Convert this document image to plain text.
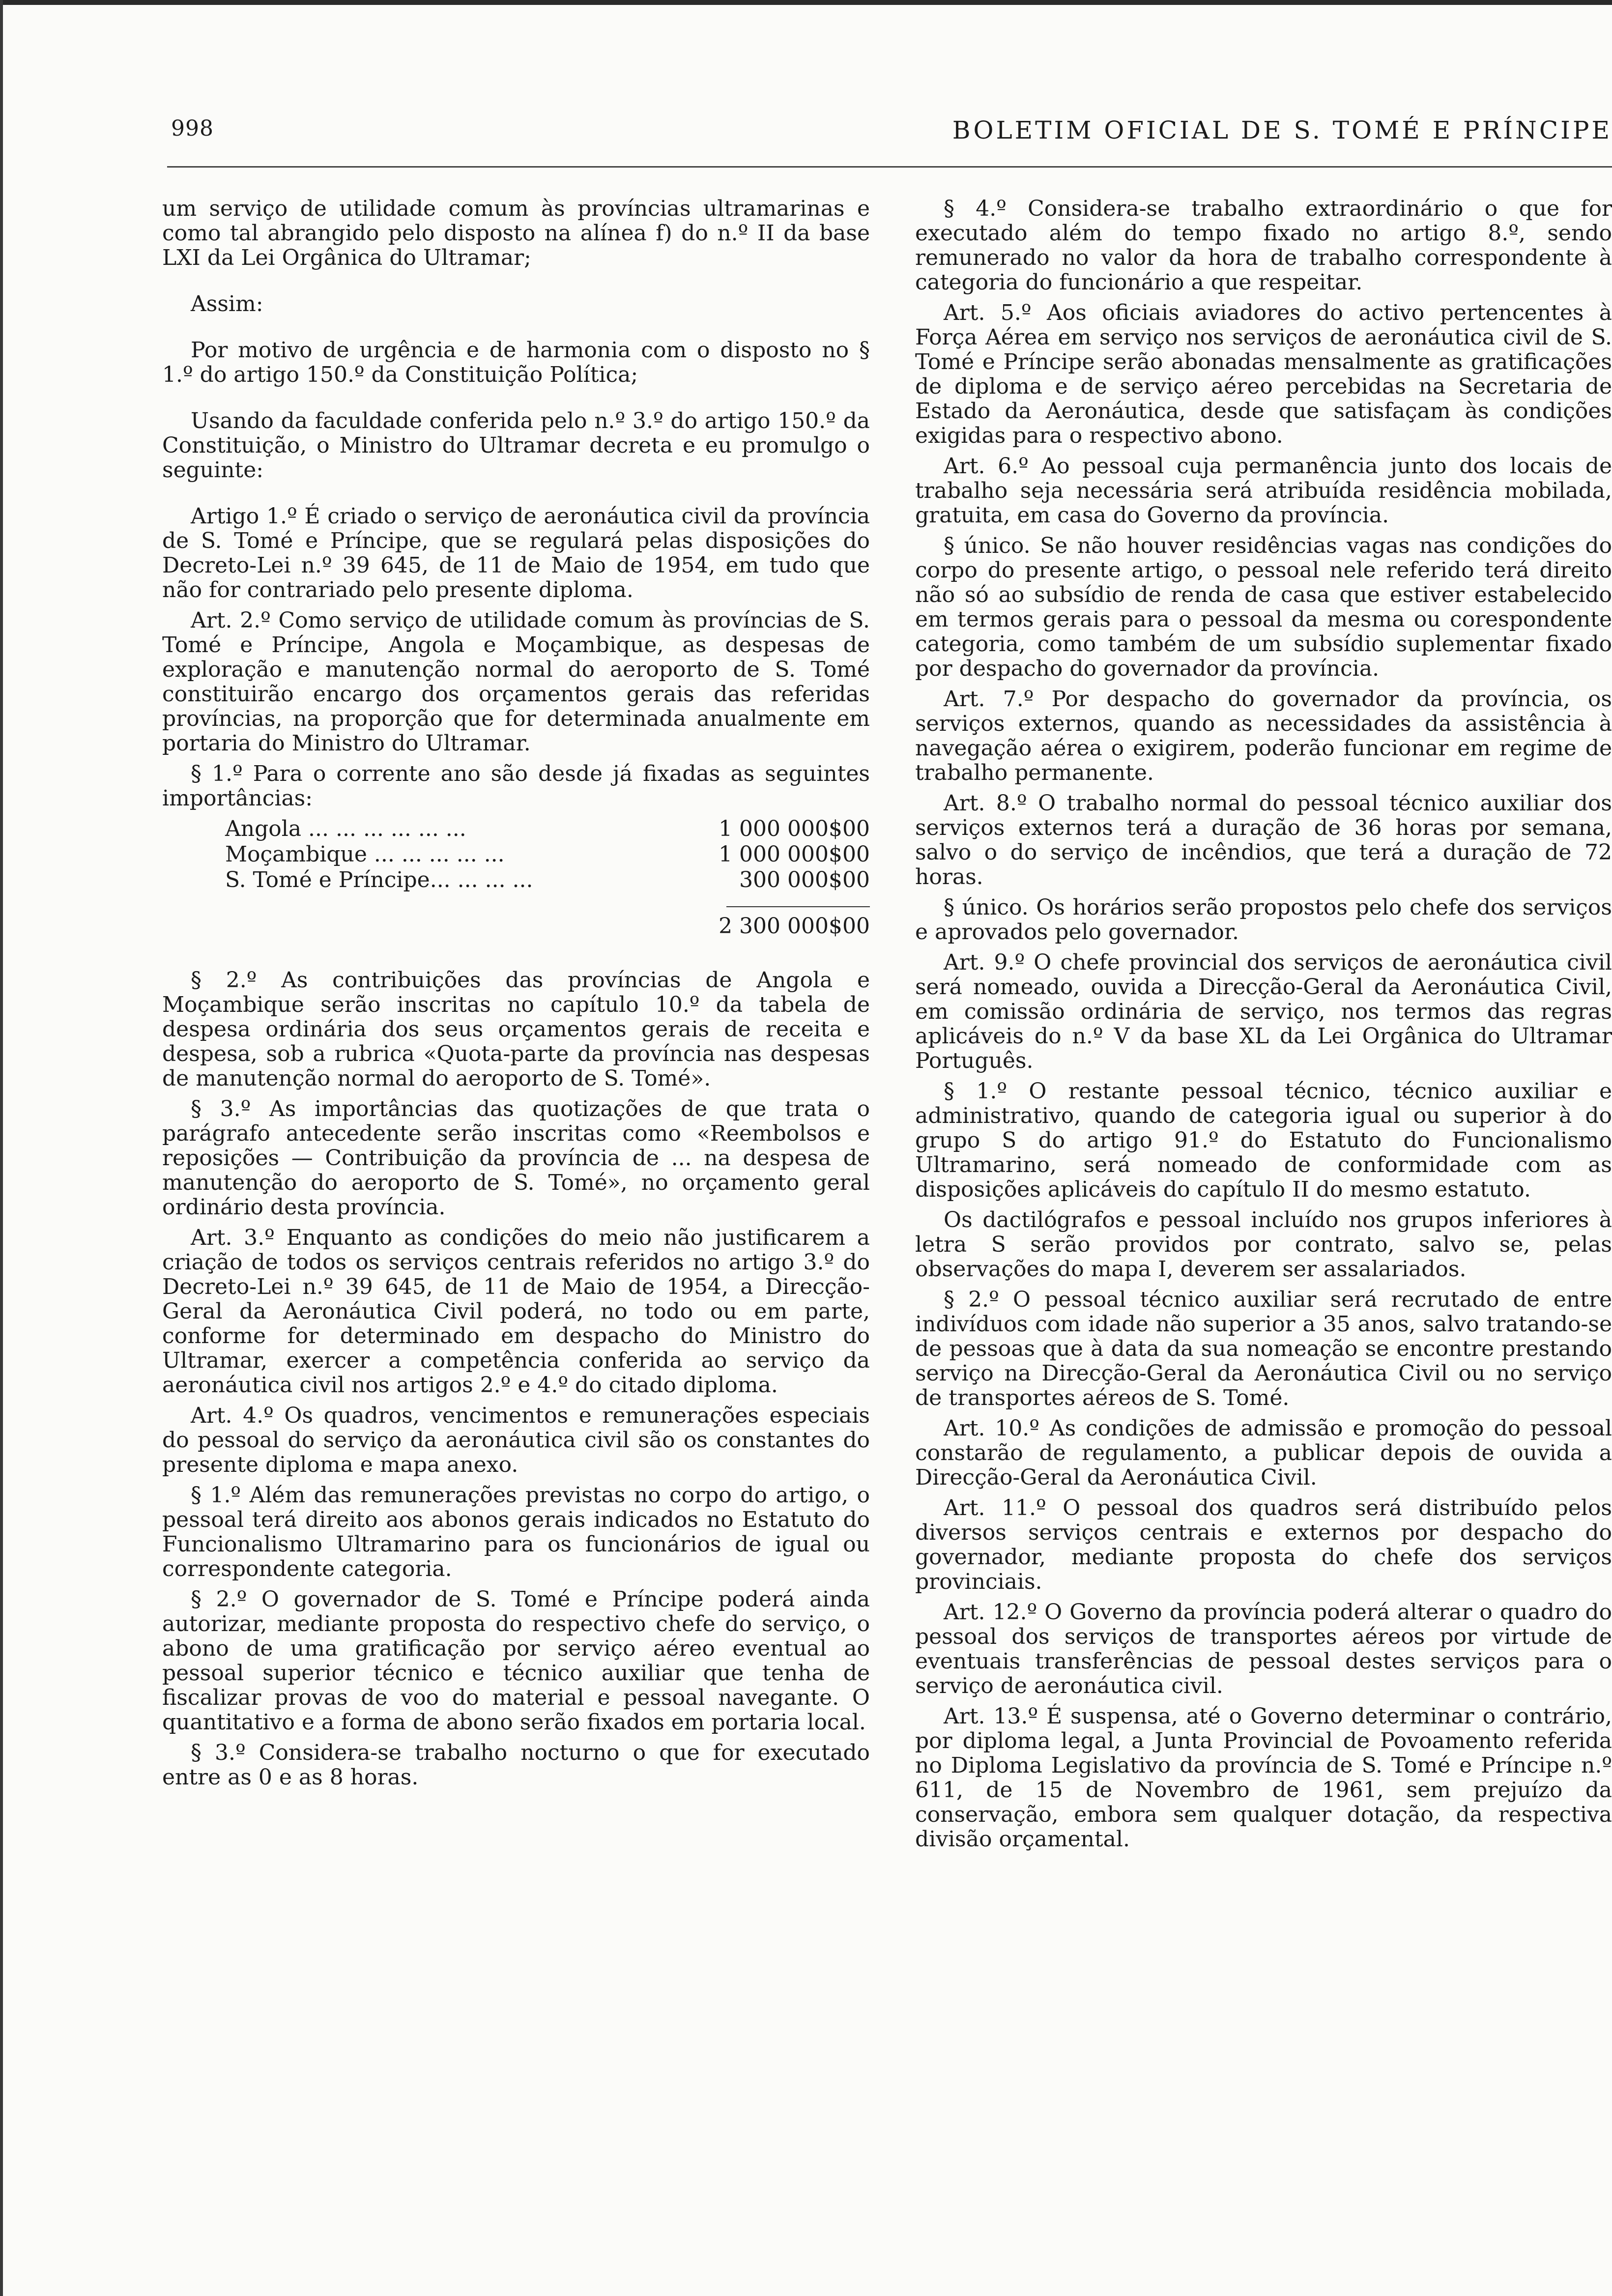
998	BOLETIM OFICIAL DE S. TOMÉ E PRÍNCIPE

um serviço de utilidade comum às províncias ultramarinas e como tal abrangido pelo disposto na alínea f) do n.º II da base LXI da Lei Orgânica do Ultramar;

Assim:

Por motivo de urgência e de harmonia com o disposto no § 1.º do artigo 150.º da Constituição Política;

Usando da faculdade conferida pelo n.º 3.º do artigo 150.º da Constituição, o Ministro do Ultramar decreta e eu promulgo o seguinte:

Artigo 1.º É criado o serviço de aeronáutica civil da província de S. Tomé e Príncipe, que se regulará pelas disposições do Decreto-Lei n.º 39 645, de 11 de Maio de 1954, em tudo que não for contrariado pelo presente diploma.

Art. 2.º Como serviço de utilidade comum às províncias de S. Tomé e Príncipe, Angola e Moçambique, as despesas de exploração e manutenção normal do aeroporto de S. Tomé constituirão encargo dos orçamentos gerais das referidas províncias, na proporção que for determinada anualmente em portaria do Ministro do Ultramar.

§ 1.º Para o corrente ano são desde já fixadas as seguintes importâncias:

Angola ... ... ... ... ... ...	1 000 000$00
Moçambique ... ... ... ... ...	1 000 000$00
S. Tomé e Príncipe... ... ... ...	300 000$00
2 300 000$00

§ 2.º As contribuições das províncias de Angola e Moçambique serão inscritas no capítulo 10.º da tabela de despesa ordinária dos seus orçamentos gerais de receita e despesa, sob a rubrica «Quota-parte da província nas despesas de manutenção normal do aeroporto de S. Tomé».

§ 3.º As importâncias das quotizações de que trata o parágrafo antecedente serão inscritas como «Reembolsos e reposições — Contribuição da província de ... na despesa de manutenção do aeroporto de S. Tomé», no orçamento geral ordinário desta província.

Art. 3.º Enquanto as condições do meio não justificarem a criação de todos os serviços centrais referidos no artigo 3.º do Decreto-Lei n.º 39 645, de 11 de Maio de 1954, a Direcção-Geral da Aeronáutica Civil poderá, no todo ou em parte, conforme for determinado em despacho do Ministro do Ultramar, exercer a competência conferida ao serviço da aeronáutica civil nos artigos 2.º e 4.º do citado diploma.

Art. 4.º Os quadros, vencimentos e remunerações especiais do pessoal do serviço da aeronáutica civil são os constantes do presente diploma e mapa anexo.

§ 1.º Além das remunerações previstas no corpo do artigo, o pessoal terá direito aos abonos gerais indicados no Estatuto do Funcionalismo Ultramarino para os funcionários de igual ou correspondente categoria.

§ 2.º O governador de S. Tomé e Príncipe poderá ainda autorizar, mediante proposta do respectivo chefe do serviço, o abono de uma gratificação por serviço aéreo eventual ao pessoal superior técnico e técnico auxiliar que tenha de fiscalizar provas de voo do material e pessoal navegante. O quantitativo e a forma de abono serão fixados em portaria local.

§ 3.º Considera-se trabalho nocturno o que for executado entre as 0 e as 8 horas.

§ 4.º Considera-se trabalho extraordinário o que for executado além do tempo fixado no artigo 8.º, sendo remunerado no valor da hora de trabalho correspondente à categoria do funcionário a que respeitar.

Art. 5.º Aos oficiais aviadores do activo pertencentes à Força Aérea em serviço nos serviços de aeronáutica civil de S. Tomé e Príncipe serão abonadas mensalmente as gratificações de diploma e de serviço aéreo percebidas na Secretaria de Estado da Aeronáutica, desde que satisfaçam às condições exigidas para o respectivo abono.

Art. 6.º Ao pessoal cuja permanência junto dos locais de trabalho seja necessária será atribuída residência mobilada, gratuita, em casa do Governo da província.

§ único. Se não houver residências vagas nas condições do corpo do presente artigo, o pessoal nele referido terá direito não só ao subsídio de renda de casa que estiver estabelecido em termos gerais para o pessoal da mesma ou corespondente categoria, como também de um subsídio suplementar fixado por despacho do governador da província.

Art. 7.º Por despacho do governador da província, os serviços externos, quando as necessidades da assistência à navegação aérea o exigirem, poderão funcionar em regime de trabalho permanente.

Art. 8.º O trabalho normal do pessoal técnico auxiliar dos serviços externos terá a duração de 36 horas por semana, salvo o do serviço de incêndios, que terá a duração de 72 horas.

§ único. Os horários serão propostos pelo chefe dos serviços e aprovados pelo governador.

Art. 9.º O chefe provincial dos serviços de aeronáutica civil será nomeado, ouvida a Direcção-Geral da Aeronáutica Civil, em comissão ordinária de serviço, nos termos das regras aplicáveis do n.º V da base XL da Lei Orgânica do Ultramar Português.

§ 1.º O restante pessoal técnico, técnico auxiliar e administrativo, quando de categoria igual ou superior à do grupo S do artigo 91.º do Estatuto do Funcionalismo Ultramarino, será nomeado de conformidade com as disposições aplicáveis do capítulo II do mesmo estatuto.

Os dactilógrafos e pessoal incluído nos grupos inferiores à letra S serão providos por contrato, salvo se, pelas observações do mapa I, deverem ser assalariados.

§ 2.º O pessoal técnico auxiliar será recrutado de entre indivíduos com idade não superior a 35 anos, salvo tratando-se de pessoas que à data da sua nomeação se encontre prestando serviço na Direcção-Geral da Aeronáutica Civil ou no serviço de transportes aéreos de S. Tomé.

Art. 10.º As condições de admissão e promoção do pessoal constarão de regulamento, a publicar depois de ouvida a Direcção-Geral da Aeronáutica Civil.

Art. 11.º O pessoal dos quadros será distribuído pelos diversos serviços centrais e externos por despacho do governador, mediante proposta do chefe dos serviços provinciais.

Art. 12.º O Governo da província poderá alterar o quadro do pessoal dos serviços de transportes aéreos por virtude de eventuais transferências de pessoal destes serviços para o serviço de aeronáutica civil.

Art. 13.º É suspensa, até o Governo determinar o contrário, por diploma legal, a Junta Provincial de Povoamento referida no Diploma Legislativo da província de S. Tomé e Príncipe n.º 611, de 15 de Novembro de 1961, sem prejuízo da conservação, embora sem qualquer dotação, da respectiva divisão orçamental.
